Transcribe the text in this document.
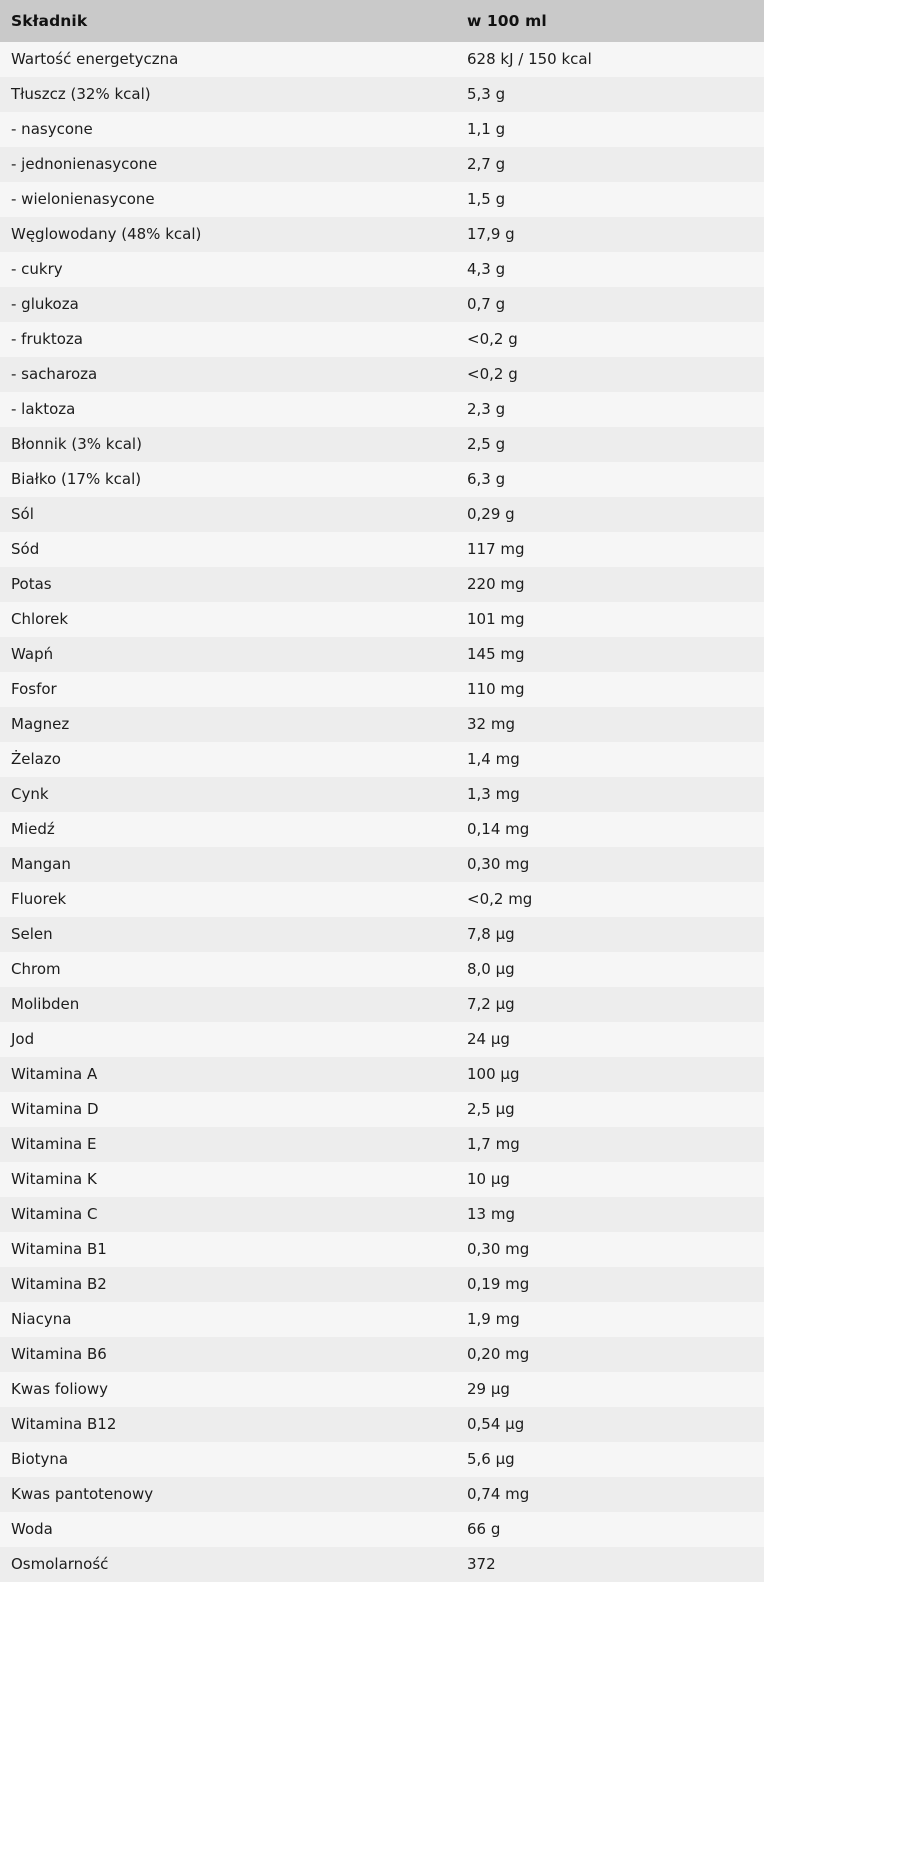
Składnik	w 100 ml
Wartość energetyczna	628 kJ / 150 kcal
Tłuszcz (32% kcal)	5,3 g
- nasycone	1,1 g
- jednonienasycone	2,7 g
- wielonienasycone	1,5 g
Węglowodany (48% kcal)	17,9 g
- cukry	4,3 g
- glukoza	0,7 g
- fruktoza	<0,2 g
- sacharoza	<0,2 g
- laktoza	2,3 g
Błonnik (3% kcal)	2,5 g
Białko (17% kcal)	6,3 g
Sól	0,29 g
Sód	117 mg
Potas	220 mg
Chlorek	101 mg
Wapń	145 mg
Fosfor	110 mg
Magnez	32 mg
Żelazo	1,4 mg
Cynk	1,3 mg
Miedź	0,14 mg
Mangan	0,30 mg
Fluorek	<0,2 mg
Selen	7,8 µg
Chrom	8,0 µg
Molibden	7,2 µg
Jod	24 µg
Witamina A	100 µg
Witamina D	2,5 µg
Witamina E	1,7 mg
Witamina K	10 µg
Witamina C	13 mg
Witamina B1	0,30 mg
Witamina B2	0,19 mg
Niacyna	1,9 mg
Witamina B6	0,20 mg
Kwas foliowy	29 µg
Witamina B12	0,54 µg
Biotyna	5,6 µg
Kwas pantotenowy	0,74 mg
Woda	66 g
Osmolarność	372
